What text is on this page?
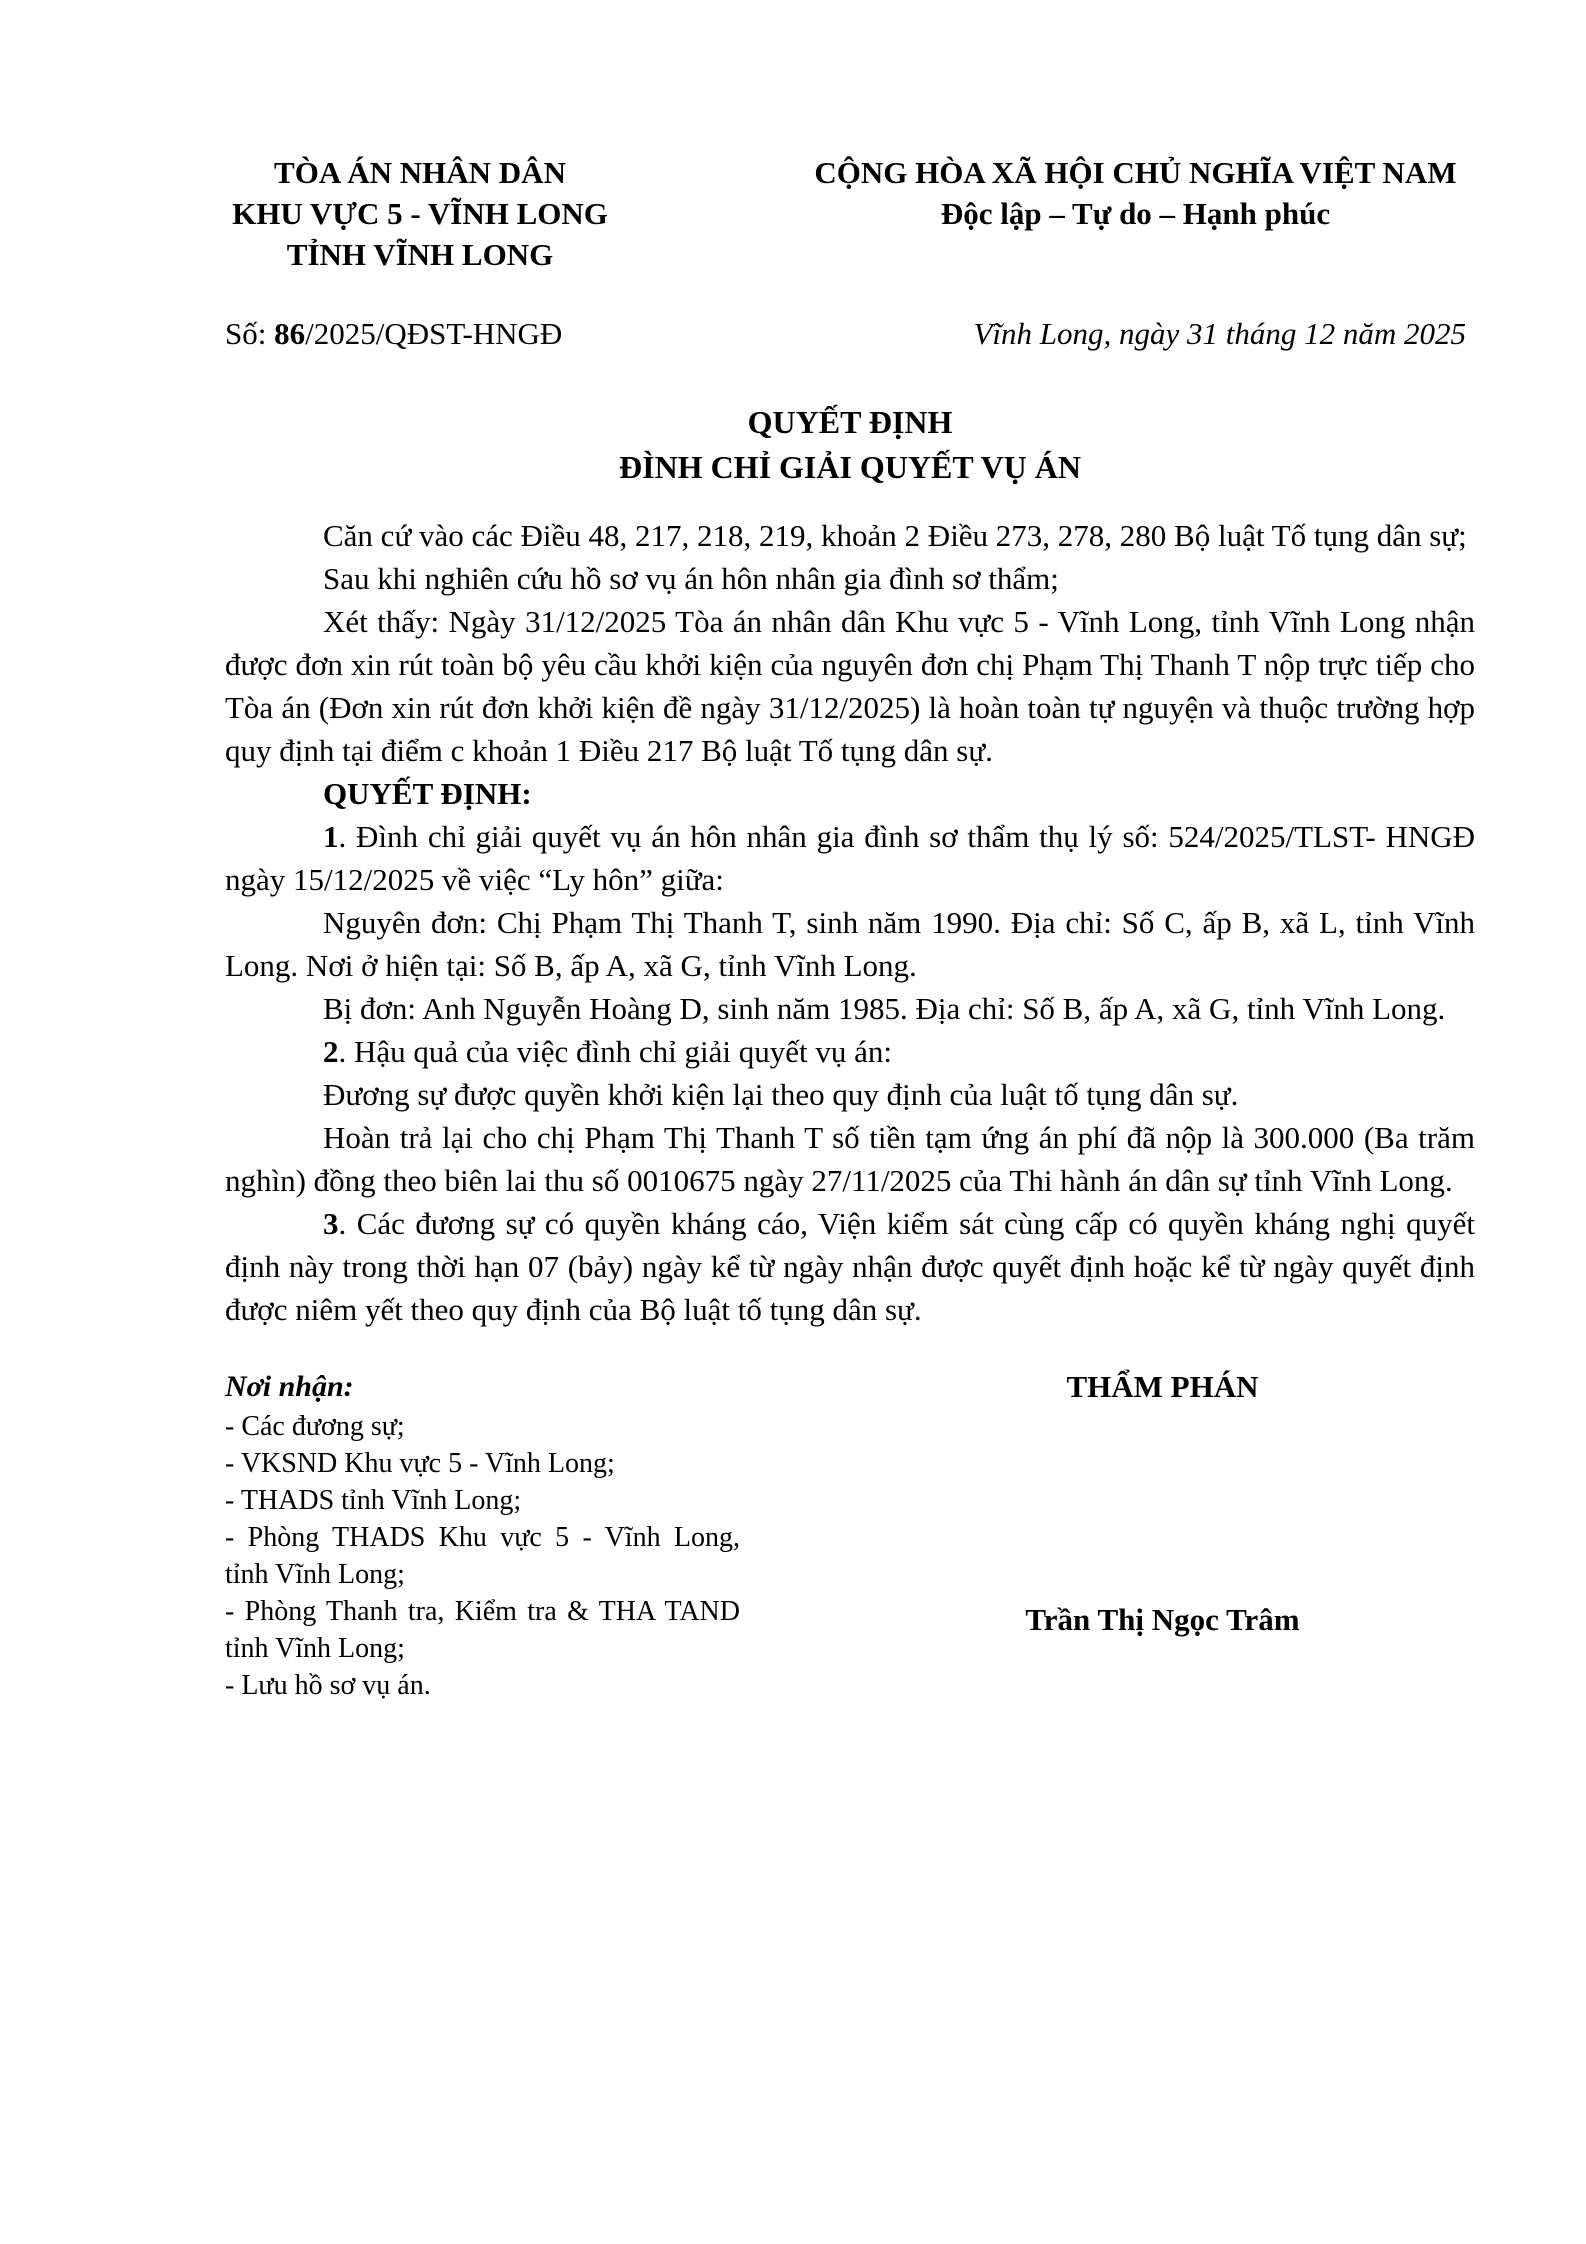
TÒA ÁN NHÂN DÂN
KHU VỰC 5 - VĨNH LONG
TỈNH VĨNH LONG
CỘNG HÒA XÃ HỘI CHỦ NGHĨA VIỆT NAM
Độc lập – Tự do – Hạnh phúc
Số: 86/2025/QĐST-HNGĐ	Vĩnh Long, ngày 31 tháng 12 năm 2025
QUYẾT ĐỊNH
ĐÌNH CHỈ GIẢI QUYẾT VỤ ÁN

Căn cứ vào các Điều 48, 217, 218, 219, khoản 2 Điều 273, 278, 280 Bộ luật Tố tụng dân sự;

Sau khi nghiên cứu hồ sơ vụ án hôn nhân gia đình sơ thẩm;

Xét thấy: Ngày 31/12/2025 Tòa án nhân dân Khu vực 5 - Vĩnh Long, tỉnh Vĩnh Long nhận được đơn xin rút toàn bộ yêu cầu khởi kiện của nguyên đơn chị Phạm Thị Thanh T nộp trực tiếp cho Tòa án (Đơn xin rút đơn khởi kiện đề ngày 31/12/2025) là hoàn toàn tự nguyện và thuộc trường hợp quy định tại điểm c khoản 1 Điều 217 Bộ luật Tố tụng dân sự.

QUYẾT ĐỊNH:

1. Đình chỉ giải quyết vụ án hôn nhân gia đình sơ thẩm thụ lý số: 524/2025/TLST- HNGĐ ngày 15/12/2025 về việc “Ly hôn” giữa:

Nguyên đơn: Chị Phạm Thị Thanh T, sinh năm 1990. Địa chỉ: Số C, ấp B, xã L, tỉnh Vĩnh Long. Nơi ở hiện tại: Số B, ấp A, xã G, tỉnh Vĩnh Long.

Bị đơn: Anh Nguyễn Hoàng D, sinh năm 1985. Địa chỉ: Số B, ấp A, xã G, tỉnh Vĩnh Long.

2. Hậu quả của việc đình chỉ giải quyết vụ án:

Đương sự được quyền khởi kiện lại theo quy định của luật tố tụng dân sự.

Hoàn trả lại cho chị Phạm Thị Thanh T số tiền tạm ứng án phí đã nộp là 300.000 (Ba trăm nghìn) đồng theo biên lai thu số 0010675 ngày 27/11/2025 của Thi hành án dân sự tỉnh Vĩnh Long.

3. Các đương sự có quyền kháng cáo, Viện kiểm sát cùng cấp có quyền kháng nghị quyết định này trong thời hạn 07 (bảy) ngày kể từ ngày nhận được quyết định hoặc kể từ ngày quyết định được niêm yết theo quy định của Bộ luật tố tụng dân sự.

Nơi nhận:
- Các đương sự;
- VKSND Khu vực 5 - Vĩnh Long;
- THADS tỉnh Vĩnh Long;
- Phòng THADS Khu vực 5 - Vĩnh Long, tỉnh Vĩnh Long;
- Phòng Thanh tra, Kiểm tra & THA TAND tỉnh Vĩnh Long;
- Lưu hồ sơ vụ án.
THẨM PHÁN
Trần Thị Ngọc Trâm
